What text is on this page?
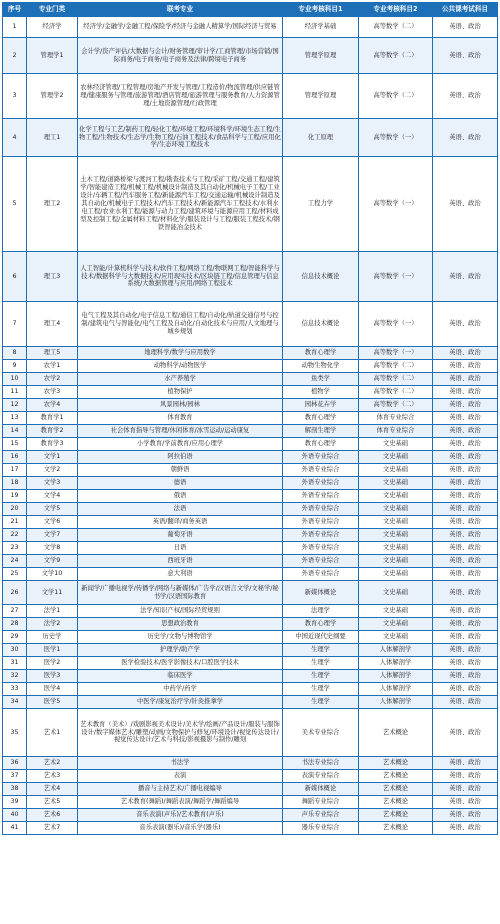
序号	专业门类	联考专业	专业考核科目1	专业考核科目2	公共课考试科目
1	经济学	经济学/金融学/金融工程/保险学/经济与金融人精算学/国际经济与贸易	经济学基础	高等数学（二）	英语、政治
2	管理学1	会计学/资产评估/大数据与会计/财务管理/审计学/工商管理/市场营销/国际商务/电子商务/电子商务及法律/跨境电子商务	管理学原理	高等数学（二）	英语、政治
3	管理学2	农林经济管理/工程管理/房地产开发与管理/工程造价/物流管理/供应链管理/健康服务与管理/旅游管理/酒店管理/旅游管理与服务教育/人力资源管理/土地资源管理/行政管理	管理学原理	高等数学（二）	英语、政治
4	理工1	化学工程与工艺/制药工程/轻化工程/环境工程/环境科学/环境生态工程/生物工程/生物技术/生态学/生物工程/石油工程技术/食品科学与工程/应用化学/生态环境工程技术	化工原理	高等数学（一）	英语、政治
5	理工2	土木工程/道路桥梁与渡河工程/勘查技术与工程/采矿工程/交通工程/建筑学/智能建造工程/机械工程/机械设计制造及其自动化/机械电子工程/工业设计/车辆工程/汽车服务工程/新能源汽车工程/交通运输/机械设计制造及其自动化/机械电子工程技术/汽车工程技术/新能源汽车工程技术/水利水电工程/农业水利工程/能源与动力工程/建筑环境与能源应用工程/材料成型及控制工程/金属材料工程/材料化学/服装设计与工程/服装工程技术/钢铁智能冶金技术	工程力学	高等数学（一）	英语、政治
6	理工3	人工智能/计算机科学与技术/软件工程/网络工程/物联网工程/智能科学与技术/数据科学与大数据技术/应用现实技术/区块链工程/信息管理与信息系统/大数据管理与应用/网络工程技术	信息技术概论	高等数学（一）	英语、政治
7	理工4	电气工程及其自动化/电子信息工程/通信工程/自动化/轨道交通信号与控制/建筑电气与智能化/电气工程及自动化/自动化技术与应用/人文地理与城乡规划	信息技术概论	高等数学（一）	英语、政治
8	理工5	地理科学/数学与应用数学	教育心理学	高等数学（一）	英语、政治
9	农学1	动物科学/动物医学	动物生物化学	高等数学（二）	英语、政治
10	农学2	水产养殖学	鱼类学	高等数学（二）	英语、政治
11	农学3	植物保护	植物学	高等数学（二）	英语、政治
12	农学4	风景园林/园林	园林花卉学	高等数学（二）	英语、政治
13	教育学1	体育教育	教育心理学	体育专业综合	英语、政治
14	教育学2	社会体育指导与管理/休闲体育/冰雪运动/运动康复	解剖生理学	体育专业综合	英语、政治
15	教育学3	小学教育/学前教育/应用心理学	教育心理学	文史基础	英语、政治
16	文学1	阿拉伯语	外语专业综合	文史基础	英语、政治
17	文学2	朝鲜语	外语专业综合	文史基础	英语、政治
18	文学3	德语	外语专业综合	文史基础	英语、政治
19	文学4	俄语	外语专业综合	文史基础	英语、政治
20	文学5	法语	外语专业综合	文史基础	英语、政治
21	文学6	英语/翻译/商务英语	外语专业综合	文史基础	英语、政治
22	文学7	葡萄牙语	外语专业综合	文史基础	英语、政治
23	文学8	日语	外语专业综合	文史基础	英语、政治
24	文学9	西班牙语	外语专业综合	文史基础	英语、政治
25	文学10	意大利语	外语专业综合	文史基础	英语、政治
26	文学11	新闻学/广播电视学/传播学/网络与新媒体/广告学/汉语言文学/文秘学/秘书学/汉语国际教育	新媒体概论	文史基础	英语、政治
27	法学1	法学/知识产权/国际经贸规则	法理学	文史基础	英语、政治
28	法学2	思想政治教育	教育心理学	文史基础	英语、政治
29	历史学	历史学/文物与博物馆学	中国近现代史纲要	文史基础	英语、政治
30	医学1	护理学/助产学	生理学	人体解剖学	英语、政治
31	医学2	医学检验技术/医学影像技术/口腔医学技术	生理学	人体解剖学	英语、政治
32	医学3	临床医学	生理学	人体解剖学	英语、政治
33	医学4	中药学/药学	生理学	人体解剖学	英语、政治
34	医学5	中医学/康复治疗学/针灸推拿学	生理学	人体解剖学	英语、政治
35	艺术1	艺术教育（美术）/戏剧影视美术设计/美术学/绘画/产品设计/服装与服饰设计/数字媒体艺术/雕塑/动画/文物保护与修复/环境设计/视觉传达设计/视觉传达设计/艺术与科技/影视摄影与制作/雕刻	美术专业综合	艺术概论	英语、政治
36	艺术2	书法学	书法专业综合	艺术概论	英语、政治
37	艺术3	表演	表演专业综合	艺术概论	英语、政治
38	艺术4	播音与主持艺术/广播电视编导	新媒体概论	艺术概论	英语、政治
39	艺术5	艺术教育(舞蹈)/舞蹈表演/舞蹈学/舞蹈编导	舞蹈专业综合	艺术概论	英语、政治
40	艺术6	音乐表演(声乐)/艺术教育(声乐)	声乐专业综合	艺术概论	英语、政治
41	艺术7	音乐表演(器乐)/音乐学(器乐)	器乐专业综合	艺术概论	英语、政治
